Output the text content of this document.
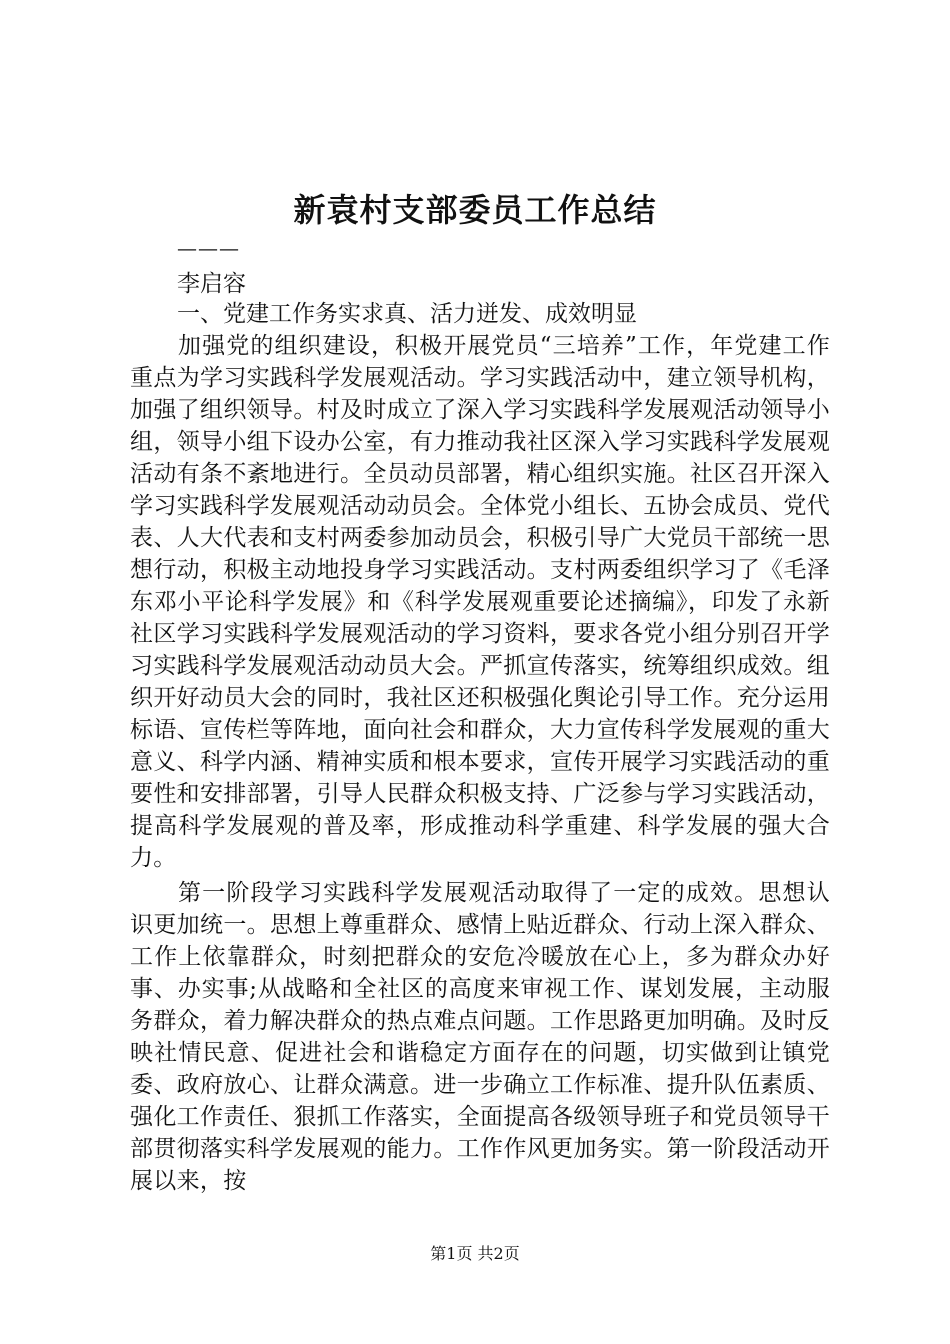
新袁村支部委员工作总结
———
李启容
一、党建工作务实求真、活力迸发、成效明显

加强党的组织建设，积极开展党员“三培养”工作，年党建工作重点为学习实践科学发展观活动。学习实践活动中，建立领导机构，加强了组织领导。村及时成立了深入学习实践科学发展观活动领导小组，领导小组下设办公室，有力推动我社区深入学习实践科学发展观活动有条不紊地进行。全员动员部署，精心组织实施。社区召开深入学习实践科学发展观活动动员会。全体党小组长、五协会成员、党代表、人大代表和支村两委参加动员会，积极引导广大党员干部统一思想行动，积极主动地投身学习实践活动。支村两委组织学习了《毛泽东邓小平论科学发展》和《科学发展观重要论述摘编》，印发了永新社区学习实践科学发展观活动的学习资料，要求各党小组分别召开学习实践科学发展观活动动员大会。严抓宣传落实，统筹组织成效。组织开好动员大会的同时，我社区还积极强化舆论引导工作。充分运用标语、宣传栏等阵地，面向社会和群众，大力宣传科学发展观的重大意义、科学内涵、精神实质和根本要求，宣传开展学习实践活动的重要性和安排部署，引导人民群众积极支持、广泛参与学习实践活动，提高科学发展观的普及率，形成推动科学重建、科学发展的强大合力。

第一阶段学习实践科学发展观活动取得了一定的成效。思想认识更加统一。思想上尊重群众、感情上贴近群众、行动上深入群众、工作上依靠群众，时刻把群众的安危冷暖放在心上，多为群众办好事、办实事;从战略和全社区的高度来审视工作、谋划发展，主动服务群众，着力解决群众的热点难点问题。工作思路更加明确。及时反映社情民意、促进社会和谐稳定方面存在的问题，切实做到让镇党委、政府放心、让群众满意。进一步确立工作标准、提升队伍素质、强化工作责任、狠抓工作落实，全面提高各级领导班子和党员领导干部贯彻落实科学发展观的能力。工作作风更加务实。第一阶段活动开展以来，按

第1页 共2页
